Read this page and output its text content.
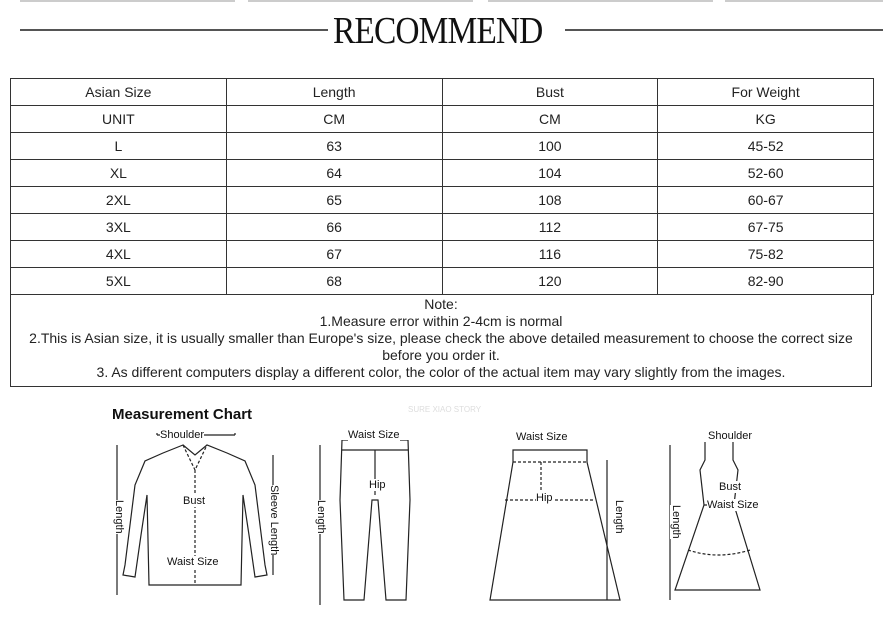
RECOMMEND
Asian Size	Length	Bust	For Weight
UNIT	CM	CM	KG
L	63	100	45-52
XL	64	104	52-60
2XL	65	108	60-67
3XL	66	112	67-75
4XL	67	116	75-82
5XL	68	120	82-90
Note:
1.Measure error within 2-4cm is normal
2.This is Asian size, it is usually smaller than Europe's size, please check the above detailed measurement to choose the correct size before you order it.
3. As different computers display a different color, the color of the actual item may vary slightly from the images.
Measurement Chart	SURE XIAO STORY
Shoulder
Bust
Waist Size
Length	Sleeve Length
Waist Size
Hip
Length
Waist Size
Hip
Length
Shoulder
Bust
Waist Size
Length
